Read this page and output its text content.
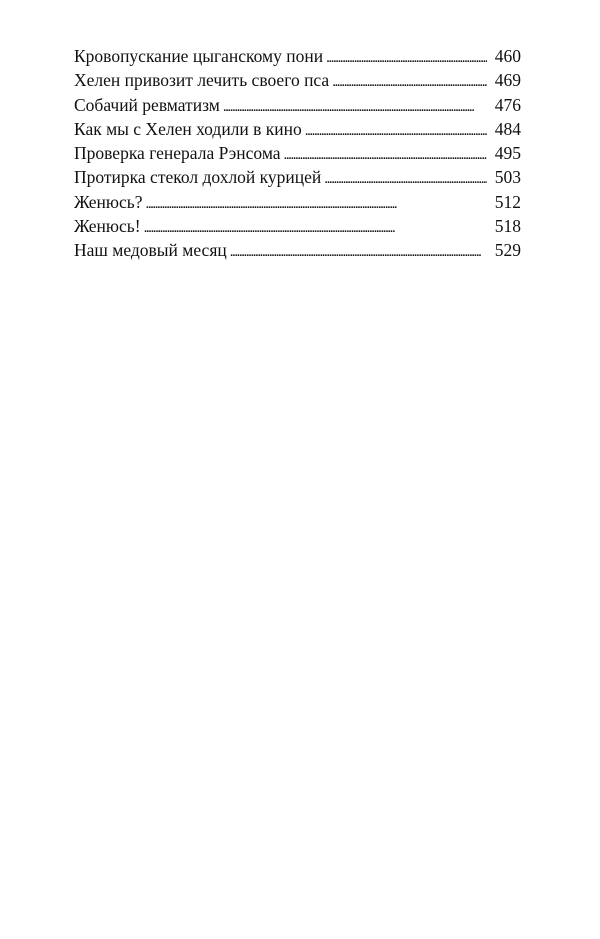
Кровопускание цыганскому пони . . .	460
Хелен привозит лечить своего пса . . .	469
Собачий ревматизм . . .	476
Как мы с Хелен ходили в кино . . .	484
Проверка генерала Рэнсома . . .	495
Протирка стекол дохлой курицей . . .	503
Женюсь? . . .	512
Женюсь! . . .	518
Наш медовый месяц . . .	529
